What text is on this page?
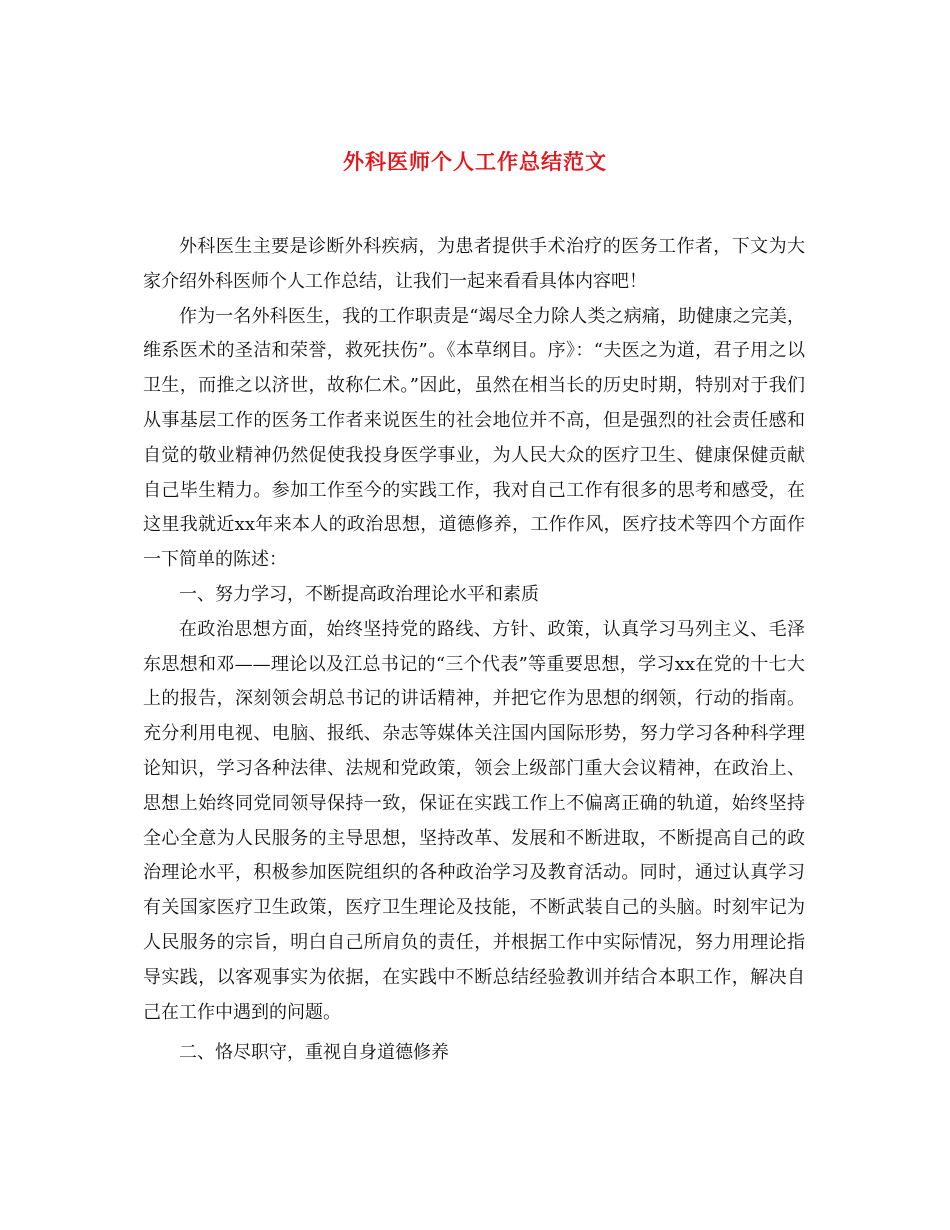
外科医师个人工作总结范文

外科医生主要是诊断外科疾病，为患者提供手术治疗的医务工作者，下文为大家介绍外科医师个人工作总结，让我们一起来看看具体内容吧！

作为一名外科医生，我的工作职责是“竭尽全力除人类之病痛，助健康之完美，维系医术的圣洁和荣誉，救死扶伤”。《本草纲目。序》：“夫医之为道，君子用之以卫生，而推之以济世，故称仁术。”因此，虽然在相当长的历史时期，特别对于我们从事基层工作的医务工作者来说医生的社会地位并不高，但是强烈的社会责任感和自觉的敬业精神仍然促使我投身医学事业，为人民大众的医疗卫生、健康保健贡献自己毕生精力。参加工作至今的实践工作，我对自己工作有很多的思考和感受，在这里我就近xx年来本人的政治思想，道德修养，工作作风，医疗技术等四个方面作一下简单的陈述：

一、努力学习，不断提高政治理论水平和素质

在政治思想方面，始终坚持党的路线、方针、政策，认真学习马列主义、毛泽东思想和邓——理论以及江总书记的“三个代表”等重要思想，学习xx在党的十七大上的报告，深刻领会胡总书记的讲话精神，并把它作为思想的纲领，行动的指南。充分利用电视、电脑、报纸、杂志等媒体关注国内国际形势，努力学习各种科学理论知识，学习各种法律、法规和党政策，领会上级部门重大会议精神，在政治上、思想上始终同党同领导保持一致，保证在实践工作上不偏离正确的轨道，始终坚持全心全意为人民服务的主导思想，坚持改革、发展和不断进取，不断提高自己的政治理论水平，积极参加医院组织的各种政治学习及教育活动。同时，通过认真学习有关国家医疗卫生政策，医疗卫生理论及技能，不断武装自己的头脑。时刻牢记为人民服务的宗旨，明白自己所肩负的责任，并根据工作中实际情况，努力用理论指导实践，以客观事实为依据，在实践中不断总结经验教训并结合本职工作，解决自己在工作中遇到的问题。

二、恪尽职守，重视自身道德修养
